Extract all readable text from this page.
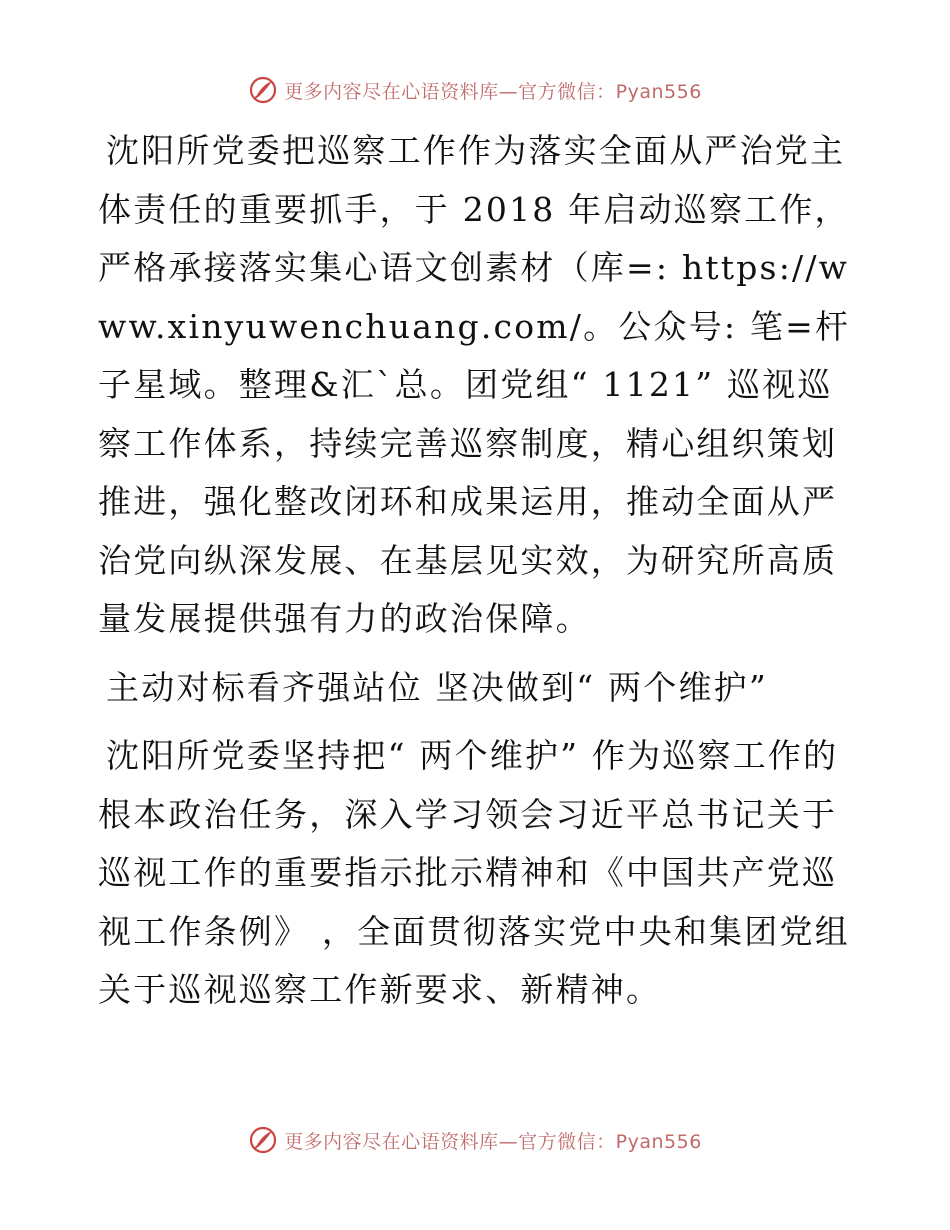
更多内容尽在心语资料库—官方微信：Pyan556

沈阳所党委把巡察工作作为落实全面从严治党主体责任的重要抓手，于 2018 年启动巡察工作，严格承接落实集心语文创素材（库=: https://www.xinyuwenchuang.com/。公众号: 笔=杆子星域。整理&汇`总。团党组“ 1121” 巡视巡察工作体系，持续完善巡察制度，精心组织策划推进，强化整改闭环和成果运用，推动全面从严治党向纵深发展、在基层见实效，为研究所高质量发展提供强有力的政治保障。

主动对标看齐强站位 坚决做到“ 两个维护”

沈阳所党委坚持把“ 两个维护” 作为巡察工作的根本政治任务，深入学习领会习近平总书记关于巡视工作的重要指示批示精神和《中国共产党巡视工作条例》 ，全面贯彻落实党中央和集团党组关于巡视巡察工作新要求、新精神。

更多内容尽在心语资料库—官方微信：Pyan556
